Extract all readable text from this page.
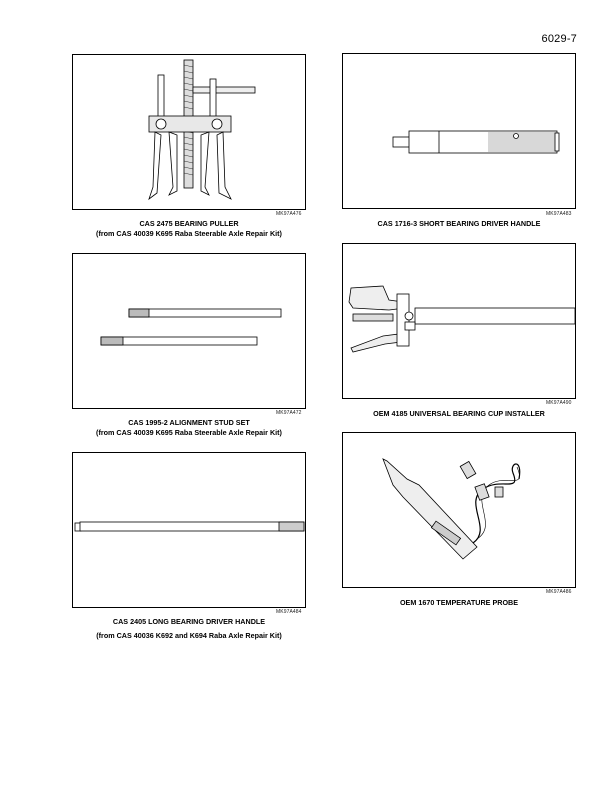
6029-7
MK97A476
CAS 2475 BEARING PULLER
(from CAS 40039 K695 Raba Steerable Axle Repair Kit)
MK97A483
CAS 1716-3 SHORT BEARING DRIVER HANDLE
MK97A472
CAS 1995-2 ALIGNMENT STUD SET
(from CAS 40039 K695 Raba Steerable Axle Repair Kit)
MK97A490
OEM 4185 UNIVERSAL BEARING CUP INSTALLER
MK97A484
CAS 2405 LONG BEARING DRIVER HANDLE
(from CAS 40036 K692 and K694 Raba Axle Repair Kit)
MK97A486
OEM 1670 TEMPERATURE PROBE
